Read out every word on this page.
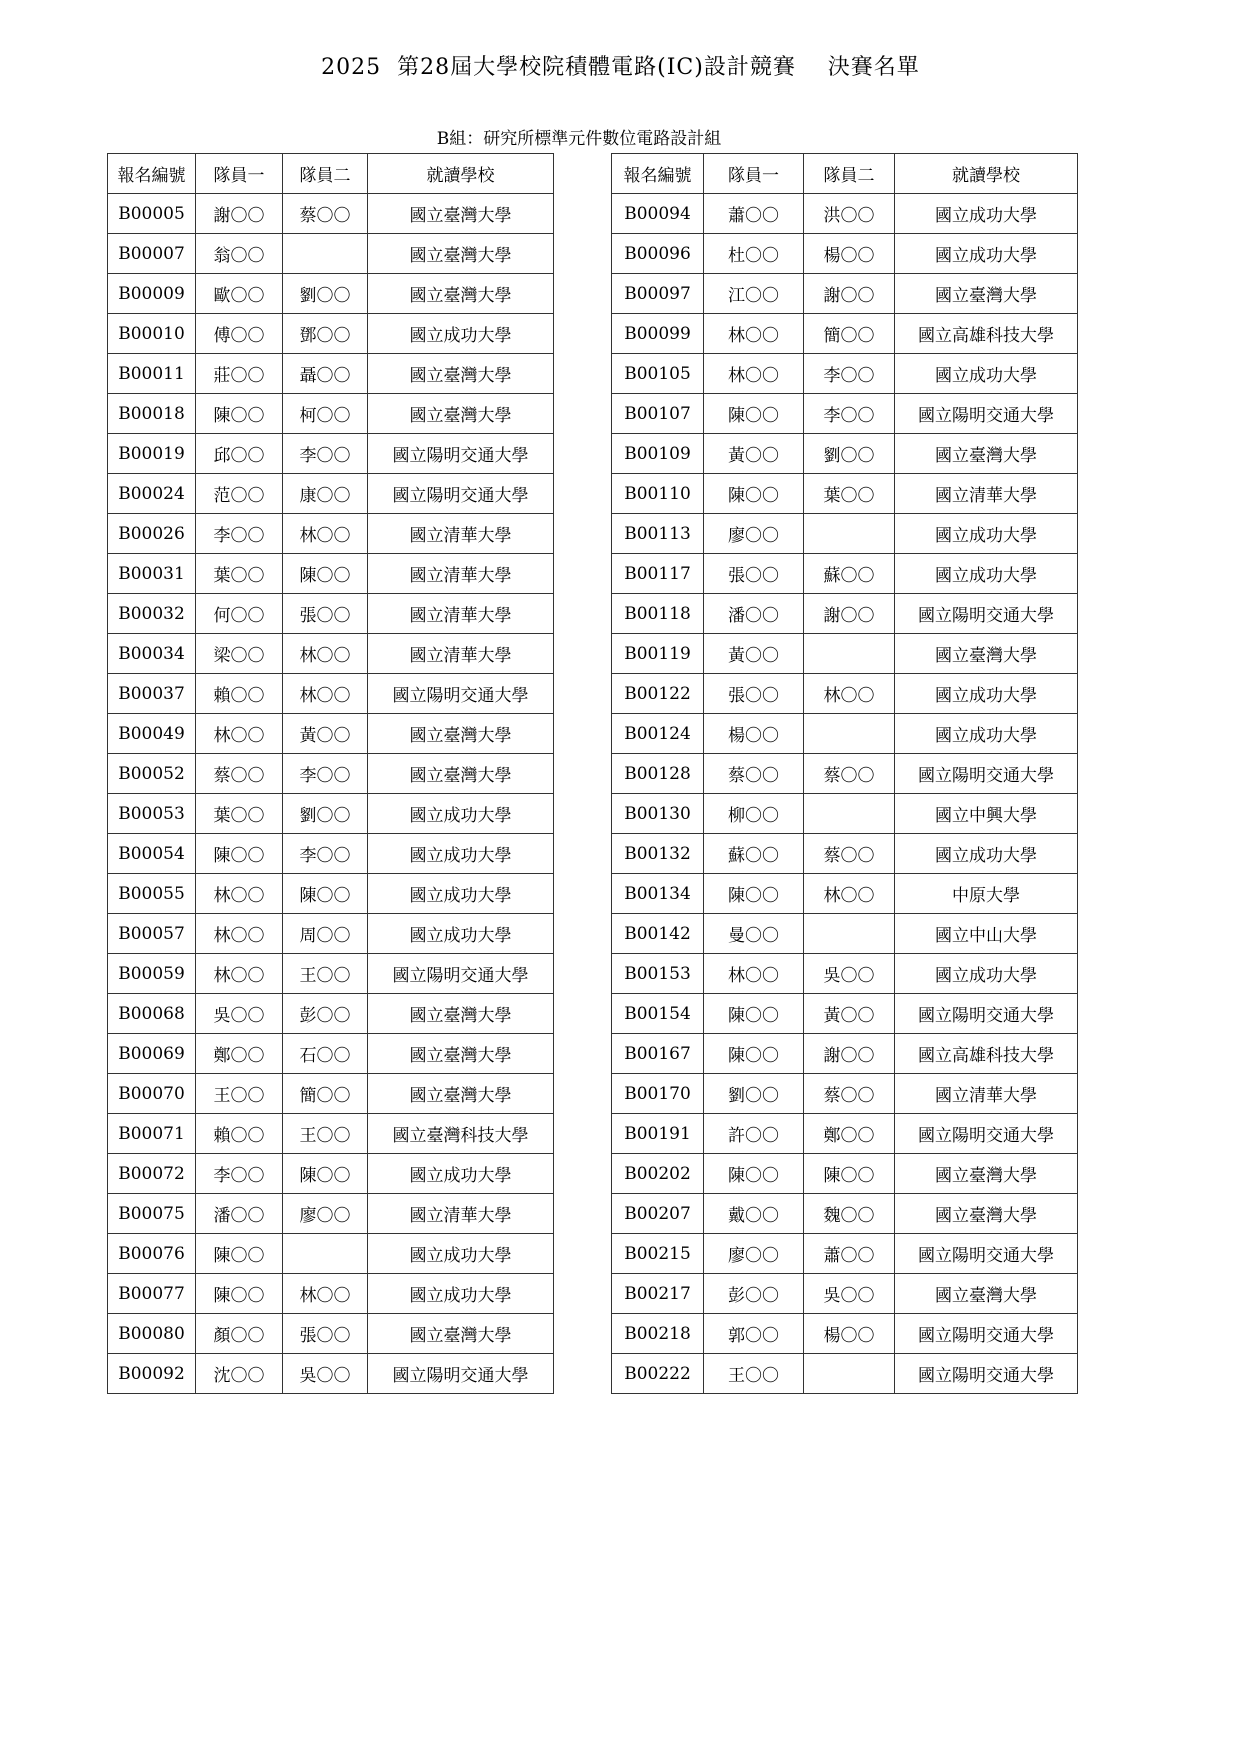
2025  第28屆大學校院積體電路(IC)設計競賽    決賽名單
B組：研究所標準元件數位電路設計組
報名編號	隊員一	隊員二	就讀學校
B00005	謝〇〇	蔡〇〇	國立臺灣大學
B00007	翁〇〇		國立臺灣大學
B00009	歐〇〇	劉〇〇	國立臺灣大學
B00010	傅〇〇	鄧〇〇	國立成功大學
B00011	莊〇〇	聶〇〇	國立臺灣大學
B00018	陳〇〇	柯〇〇	國立臺灣大學
B00019	邱〇〇	李〇〇	國立陽明交通大學
B00024	范〇〇	康〇〇	國立陽明交通大學
B00026	李〇〇	林〇〇	國立清華大學
B00031	葉〇〇	陳〇〇	國立清華大學
B00032	何〇〇	張〇〇	國立清華大學
B00034	梁〇〇	林〇〇	國立清華大學
B00037	賴〇〇	林〇〇	國立陽明交通大學
B00049	林〇〇	黃〇〇	國立臺灣大學
B00052	蔡〇〇	李〇〇	國立臺灣大學
B00053	葉〇〇	劉〇〇	國立成功大學
B00054	陳〇〇	李〇〇	國立成功大學
B00055	林〇〇	陳〇〇	國立成功大學
B00057	林〇〇	周〇〇	國立成功大學
B00059	林〇〇	王〇〇	國立陽明交通大學
B00068	吳〇〇	彭〇〇	國立臺灣大學
B00069	鄭〇〇	石〇〇	國立臺灣大學
B00070	王〇〇	簡〇〇	國立臺灣大學
B00071	賴〇〇	王〇〇	國立臺灣科技大學
B00072	李〇〇	陳〇〇	國立成功大學
B00075	潘〇〇	廖〇〇	國立清華大學
B00076	陳〇〇		國立成功大學
B00077	陳〇〇	林〇〇	國立成功大學
B00080	顏〇〇	張〇〇	國立臺灣大學
B00092	沈〇〇	吳〇〇	國立陽明交通大學
報名編號	隊員一	隊員二	就讀學校
B00094	蕭〇〇	洪〇〇	國立成功大學
B00096	杜〇〇	楊〇〇	國立成功大學
B00097	江〇〇	謝〇〇	國立臺灣大學
B00099	林〇〇	簡〇〇	國立高雄科技大學
B00105	林〇〇	李〇〇	國立成功大學
B00107	陳〇〇	李〇〇	國立陽明交通大學
B00109	黃〇〇	劉〇〇	國立臺灣大學
B00110	陳〇〇	葉〇〇	國立清華大學
B00113	廖〇〇		國立成功大學
B00117	張〇〇	蘇〇〇	國立成功大學
B00118	潘〇〇	謝〇〇	國立陽明交通大學
B00119	黃〇〇		國立臺灣大學
B00122	張〇〇	林〇〇	國立成功大學
B00124	楊〇〇		國立成功大學
B00128	蔡〇〇	蔡〇〇	國立陽明交通大學
B00130	柳〇〇		國立中興大學
B00132	蘇〇〇	蔡〇〇	國立成功大學
B00134	陳〇〇	林〇〇	中原大學
B00142	曼〇〇		國立中山大學
B00153	林〇〇	吳〇〇	國立成功大學
B00154	陳〇〇	黃〇〇	國立陽明交通大學
B00167	陳〇〇	謝〇〇	國立高雄科技大學
B00170	劉〇〇	蔡〇〇	國立清華大學
B00191	許〇〇	鄭〇〇	國立陽明交通大學
B00202	陳〇〇	陳〇〇	國立臺灣大學
B00207	戴〇〇	魏〇〇	國立臺灣大學
B00215	廖〇〇	蕭〇〇	國立陽明交通大學
B00217	彭〇〇	吳〇〇	國立臺灣大學
B00218	郭〇〇	楊〇〇	國立陽明交通大學
B00222	王〇〇		國立陽明交通大學
